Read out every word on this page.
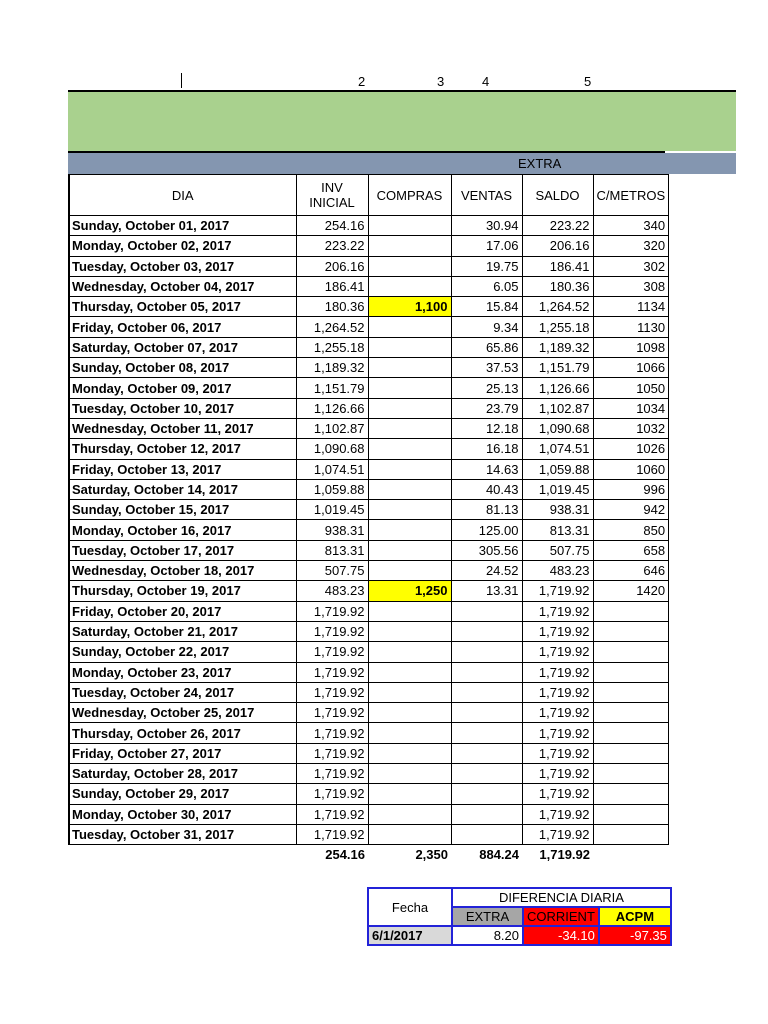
2	3	4	5
EXTRA
DIA	INV INICIAL	COMPRAS	VENTAS	SALDO	C/METROS
Sunday, October 01, 2017	254.16		30.94	223.22	340
Monday, October 02, 2017	223.22		17.06	206.16	320
Tuesday, October 03, 2017	206.16		19.75	186.41	302
Wednesday, October 04, 2017	186.41		6.05	180.36	308
Thursday, October 05, 2017	180.36	1,100	15.84	1,264.52	1134
Friday, October 06, 2017	1,264.52		9.34	1,255.18	1130
Saturday, October 07, 2017	1,255.18		65.86	1,189.32	1098
Sunday, October 08, 2017	1,189.32		37.53	1,151.79	1066
Monday, October 09, 2017	1,151.79		25.13	1,126.66	1050
Tuesday, October 10, 2017	1,126.66		23.79	1,102.87	1034
Wednesday, October 11, 2017	1,102.87		12.18	1,090.68	1032
Thursday, October 12, 2017	1,090.68		16.18	1,074.51	1026
Friday, October 13, 2017	1,074.51		14.63	1,059.88	1060
Saturday, October 14, 2017	1,059.88		40.43	1,019.45	996
Sunday, October 15, 2017	1,019.45		81.13	938.31	942
Monday, October 16, 2017	938.31		125.00	813.31	850
Tuesday, October 17, 2017	813.31		305.56	507.75	658
Wednesday, October 18, 2017	507.75		24.52	483.23	646
Thursday, October 19, 2017	483.23	1,250	13.31	1,719.92	1420
Friday, October 20, 2017	1,719.92			1,719.92	
Saturday, October 21, 2017	1,719.92			1,719.92	
Sunday, October 22, 2017	1,719.92			1,719.92	
Monday, October 23, 2017	1,719.92			1,719.92	
Tuesday, October 24, 2017	1,719.92			1,719.92	
Wednesday, October 25, 2017	1,719.92			1,719.92	
Thursday, October 26, 2017	1,719.92			1,719.92	
Friday, October 27, 2017	1,719.92			1,719.92	
Saturday, October 28, 2017	1,719.92			1,719.92	
Sunday, October 29, 2017	1,719.92			1,719.92	
Monday, October 30, 2017	1,719.92			1,719.92	
Tuesday, October 31, 2017	1,719.92			1,719.92	
	254.16	2,350	884.24	1,719.92	
Fecha	DIFERENCIA DIARIA		
	EXTRA	CORRIENT	ACPM
6/1/2017	8.20	-34.10	-97.35
